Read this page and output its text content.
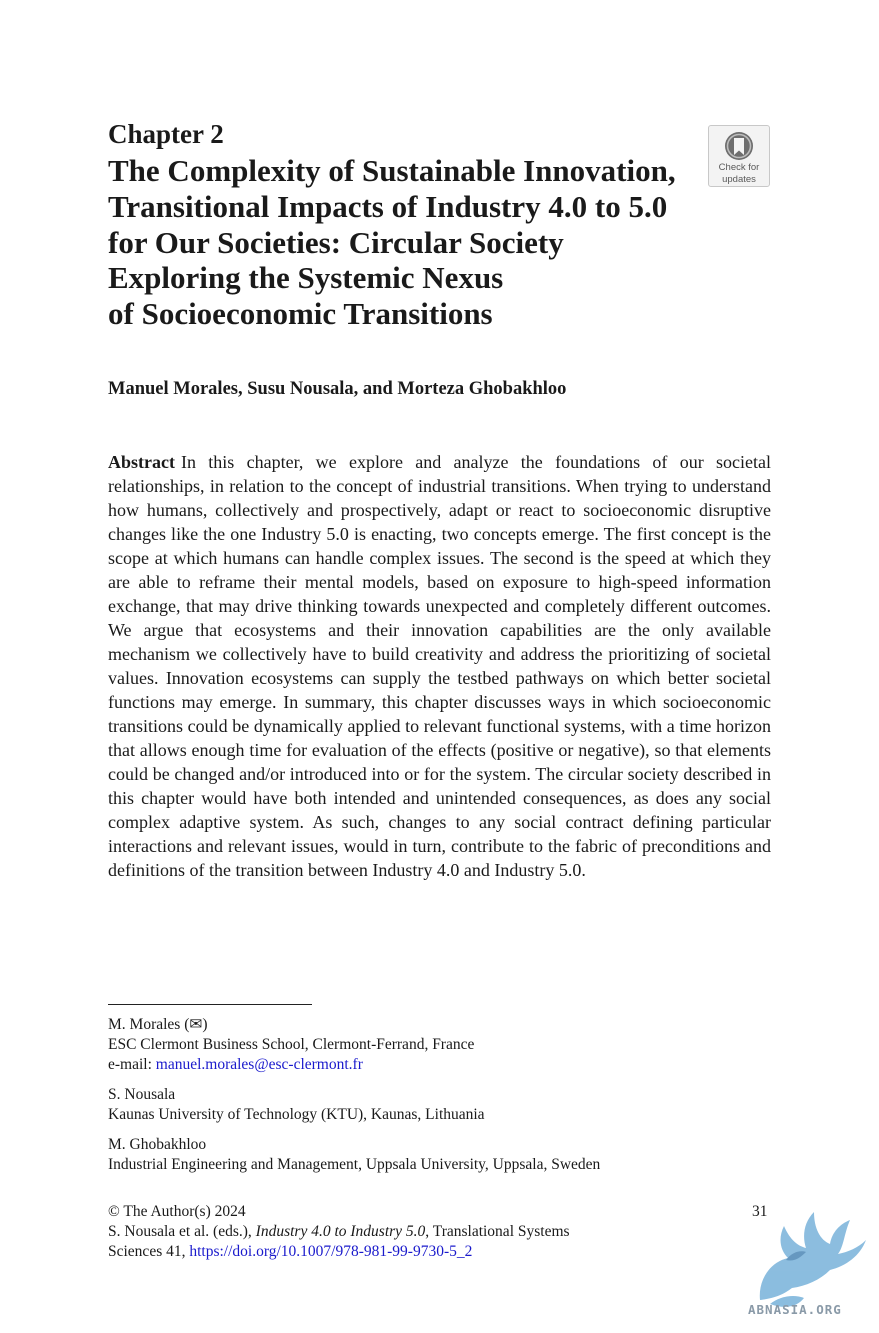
Chapter 2
The Complexity of Sustainable Innovation,
Transitional Impacts of Industry 4.0 to 5.0
for Our Societies: Circular Society
Exploring the Systemic Nexus
of Socioeconomic Transitions
Check for
updates
Manuel Morales, Susu Nousala, and Morteza Ghobakhloo

Abstract In this chapter, we explore and analyze the foundations of our societal relationships, in relation to the concept of industrial transitions. When trying to understand how humans, collectively and prospectively, adapt or react to socioeconomic disruptive changes like the one Industry 5.0 is enacting, two concepts emerge. The first concept is the scope at which humans can handle complex issues. The second is the speed at which they are able to reframe their mental models, based on exposure to high-speed information exchange, that may drive thinking towards unexpected and completely different outcomes. We argue that ecosystems and their innovation capabilities are the only available mechanism we collectively have to build creativity and address the prioritizing of societal values. Innovation ecosystems can supply the testbed pathways on which better societal functions may emerge. In summary, this chapter discusses ways in which socioeconomic transitions could be dynamically applied to relevant functional systems, with a time horizon that allows enough time for evaluation of the effects (positive or negative), so that elements could be changed and/or introduced into or for the system. The circular society described in this chapter would have both intended and unintended consequences, as does any social complex adaptive system. As such, changes to any social contract defining particular interactions and relevant issues, would in turn, contribute to the fabric of preconditions and definitions of the transition between Industry 4.0 and Industry 5.0.

M. Morales (✉)
ESC Clermont Business School, Clermont-Ferrand, France
e-mail: manuel.morales@esc-clermont.fr
S. Nousala
Kaunas University of Technology (KTU), Kaunas, Lithuania
M. Ghobakhloo
Industrial Engineering and Management, Uppsala University, Uppsala, Sweden
© The Author(s) 2024
S. Nousala et al. (eds.), Industry 4.0 to Industry 5.0, Translational Systems
Sciences 41, https://doi.org/10.1007/978-981-99-9730-5_2
31
ABNASIA.ORG
